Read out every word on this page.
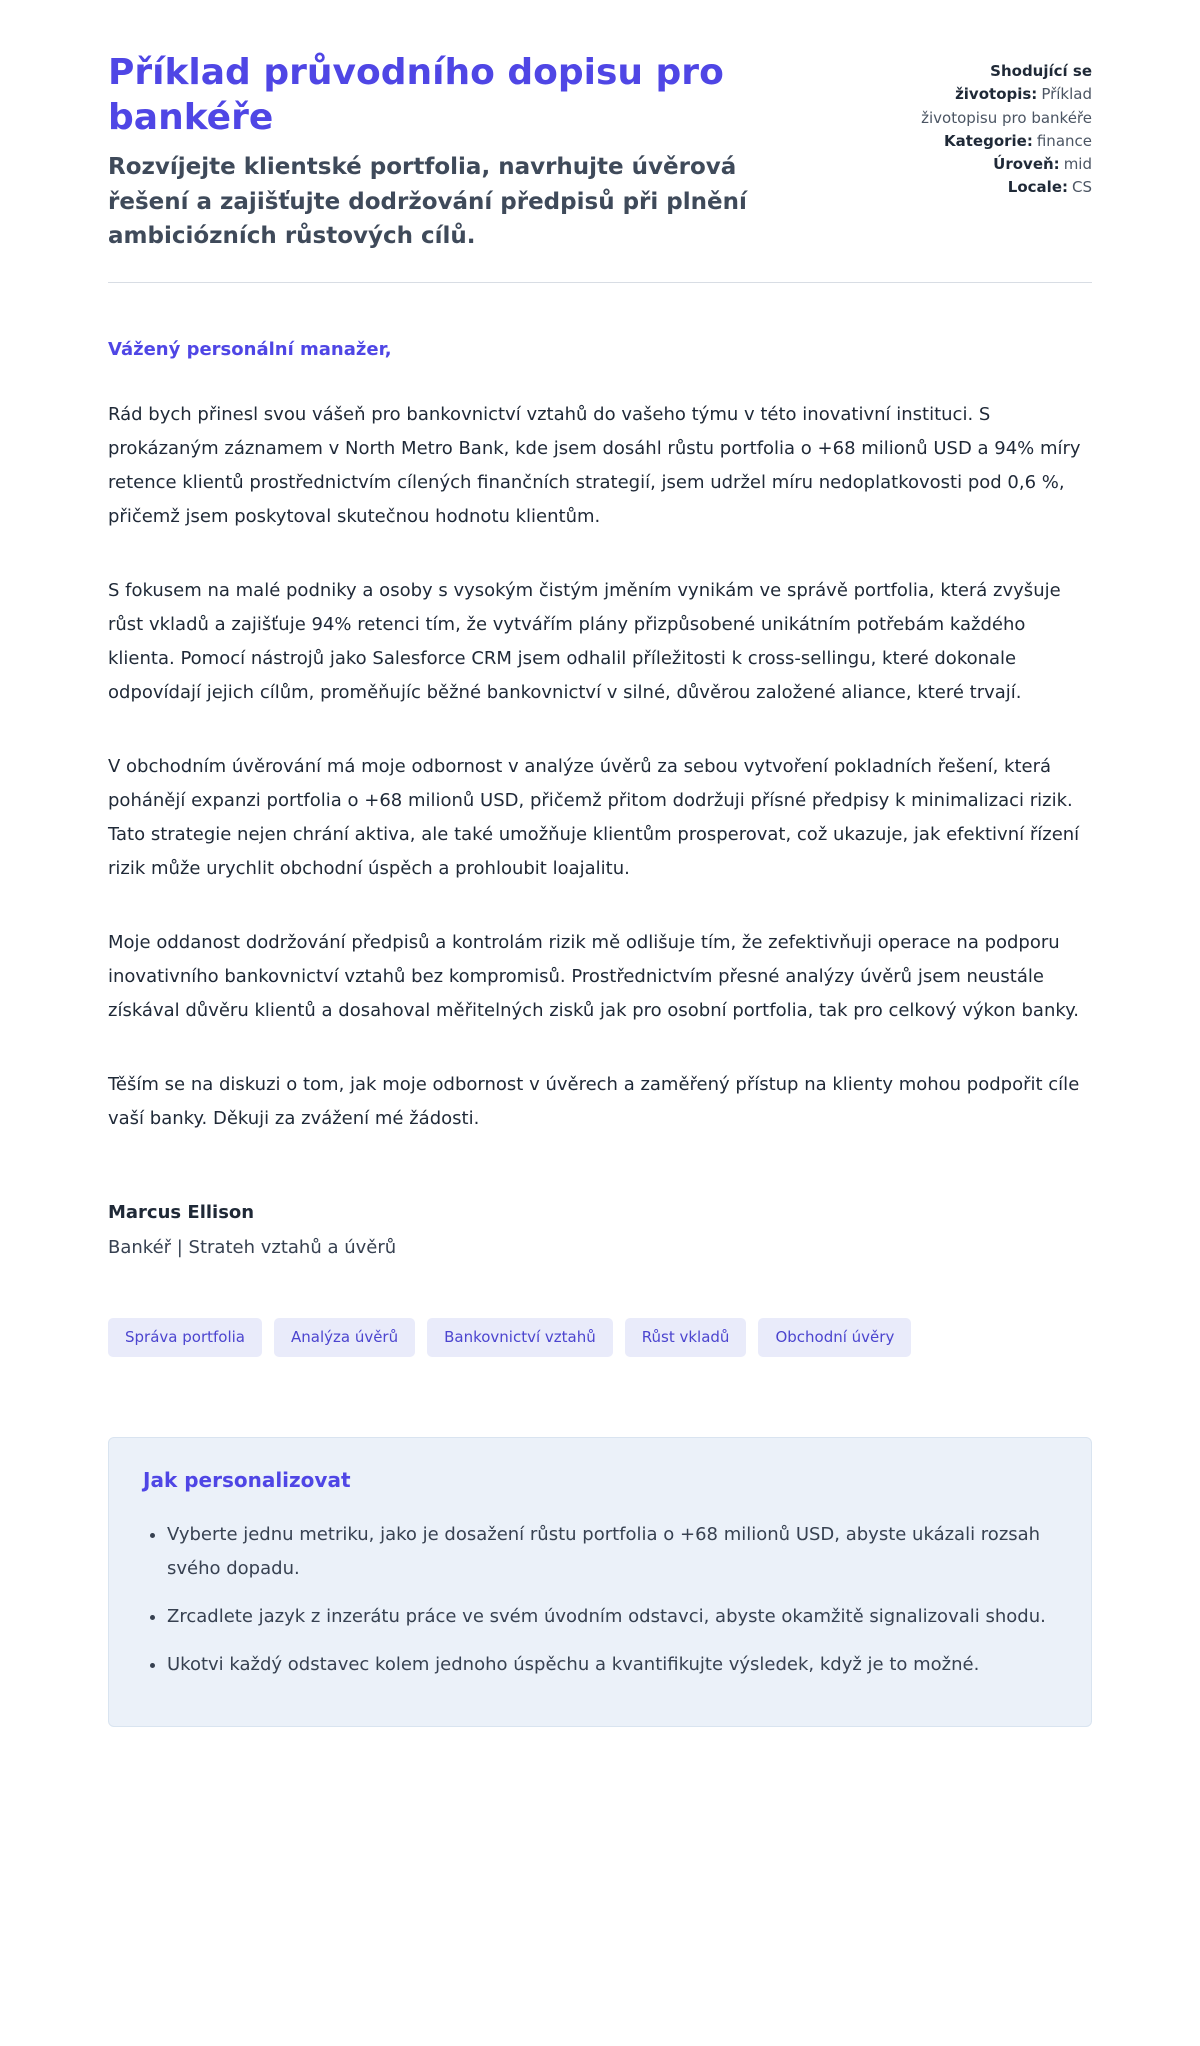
Příklad průvodního dopisu pro bankéře

Rozvíjejte klientské portfolia, navrhujte úvěrová řešení a zajišťujte dodržování předpisů při plnění ambiciózních růstových cílů.

Shodující se životopis: Příklad životopisu pro bankéře

Kategorie: finance

Úroveň: mid

Locale: CS

Vážený personální manažer,

Rád bych přinesl svou vášeň pro bankovnictví vztahů do vašeho týmu v této inovativní instituci. S prokázaným záznamem v North Metro Bank, kde jsem dosáhl růstu portfolia o +68 milionů USD a 94% míry retence klientů prostřednictvím cílených finančních strategií, jsem udržel míru nedoplatkovosti pod 0,6 %, přičemž jsem poskytoval skutečnou hodnotu klientům.

S fokusem na malé podniky a osoby s vysokým čistým jměním vynikám ve správě portfolia, která zvyšuje růst vkladů a zajišťuje 94% retenci tím, že vytvářím plány přizpůsobené unikátním potřebám každého klienta. Pomocí nástrojů jako Salesforce CRM jsem odhalil příležitosti k cross-sellingu, které dokonale odpovídají jejich cílům, proměňujíc běžné bankovnictví v silné, důvěrou založené aliance, které trvají.

V obchodním úvěrování má moje odbornost v analýze úvěrů za sebou vytvoření pokladních řešení, která pohánějí expanzi portfolia o +68 milionů USD, přičemž přitom dodržuji přísné předpisy k minimalizaci rizik. Tato strategie nejen chrání aktiva, ale také umožňuje klientům prosperovat, což ukazuje, jak efektivní řízení rizik může urychlit obchodní úspěch a prohloubit loajalitu.

Moje oddanost dodržování předpisů a kontrolám rizik mě odlišuje tím, že zefektivňuji operace na podporu inovativního bankovnictví vztahů bez kompromisů. Prostřednictvím přesné analýzy úvěrů jsem neustále získával důvěru klientů a dosahoval měřitelných zisků jak pro osobní portfolia, tak pro celkový výkon banky.

Těším se na diskuzi o tom, jak moje odbornost v úvěrech a zaměřený přístup na klienty mohou podpořit cíle vaší banky. Děkuji za zvážení mé žádosti.

Marcus Ellison

Bankéř | Strateh vztahů a úvěrů

Správa portfolia	Analýza úvěrů	Bankovnictví vztahů	Růst vkladů	Obchodní úvěry
Jak personalizovat
• Vyberte jednu metriku, jako je dosažení růstu portfolia o +68 milionů USD, abyste ukázali rozsah svého dopadu.
• Zrcadlete jazyk z inzerátu práce ve svém úvodním odstavci, abyste okamžitě signalizovali shodu.
• Ukotvi každý odstavec kolem jednoho úspěchu a kvantifikujte výsledek, když je to možné.
